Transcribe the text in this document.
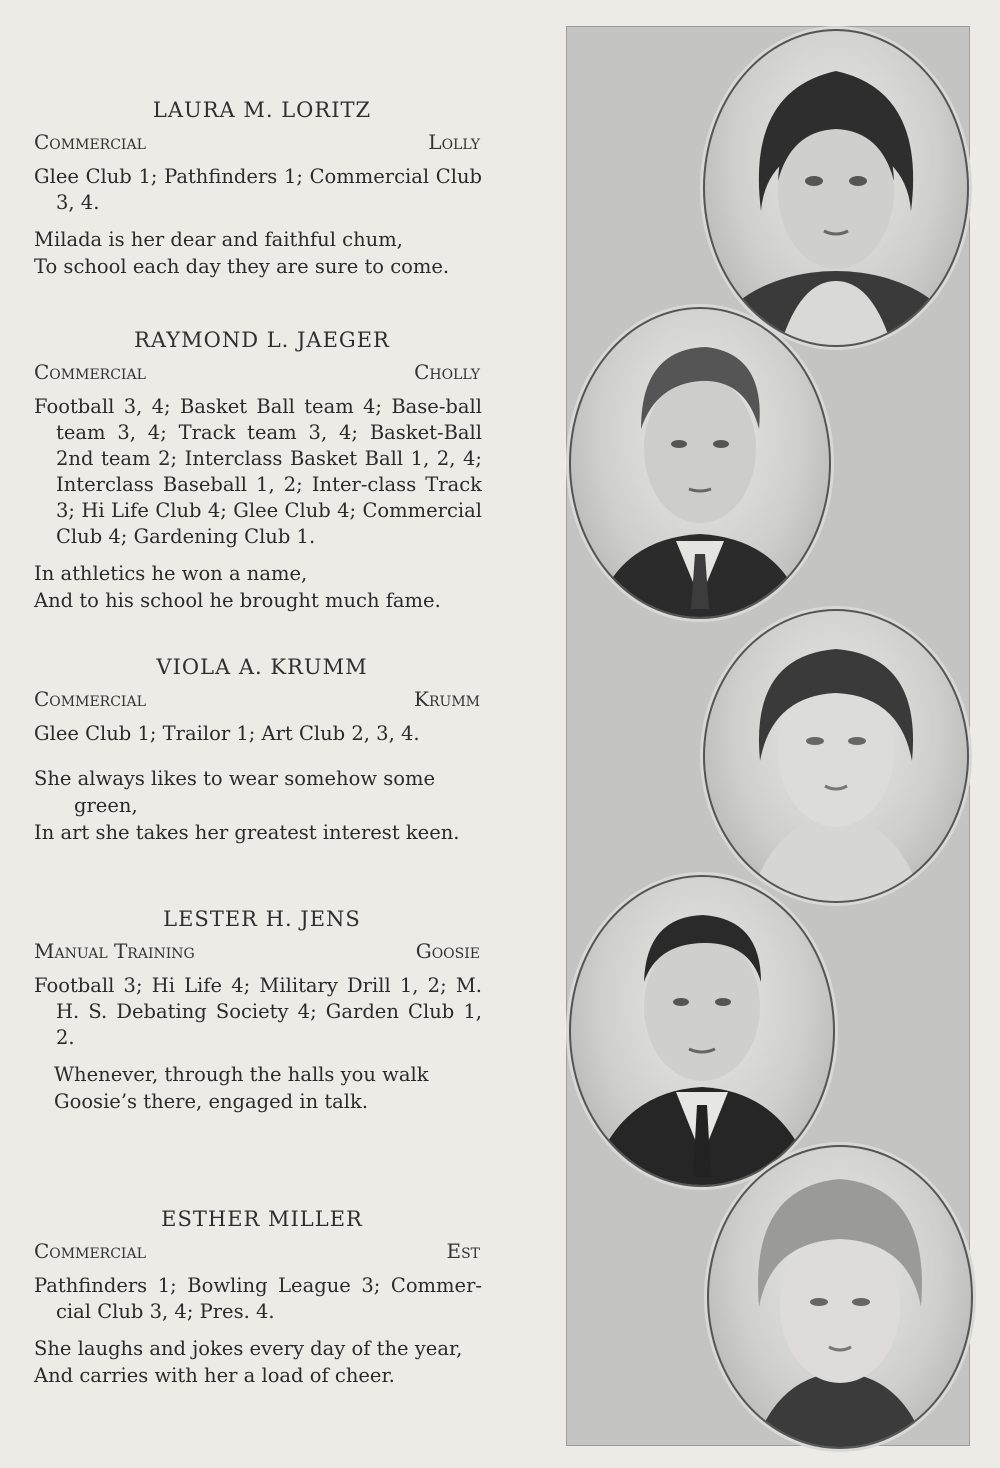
LAURA M. LORITZ
Commercial	Lolly
Glee Club 1; Pathfinders 1; Commercial Club 3, 4.
Milada is her dear and faithful chum,
To school each day they are sure to come.
RAYMOND L. JAEGER
Commercial	Cholly
Football 3, 4; Basket Ball team 4; Base-ball team 3, 4; Track team 3, 4; Basket-Ball 2nd team 2; Interclass Basket Ball 1, 2, 4; Interclass Baseball 1, 2; Inter-class Track 3; Hi Life Club 4; Glee Club 4; Commercial Club 4; Gardening Club 1.
In athletics he won a name,
And to his school he brought much fame.
VIOLA A. KRUMM
Commercial	Krumm
Glee Club 1; Trailor 1; Art Club 2, 3, 4.
She always likes to wear somehow some green,
In art she takes her greatest interest keen.
LESTER H. JENS
Manual Training	Goosie
Football 3; Hi Life 4; Military Drill 1, 2; M. H. S. Debating Society 4; Garden Club 1, 2.
Whenever, through the halls you walk
Goosie’s there, engaged in talk.
ESTHER MILLER
Commercial	Est
Pathfinders 1; Bowling League 3; Commer-cial Club 3, 4; Pres. 4.
She laughs and jokes every day of the year,
And carries with her a load of cheer.
